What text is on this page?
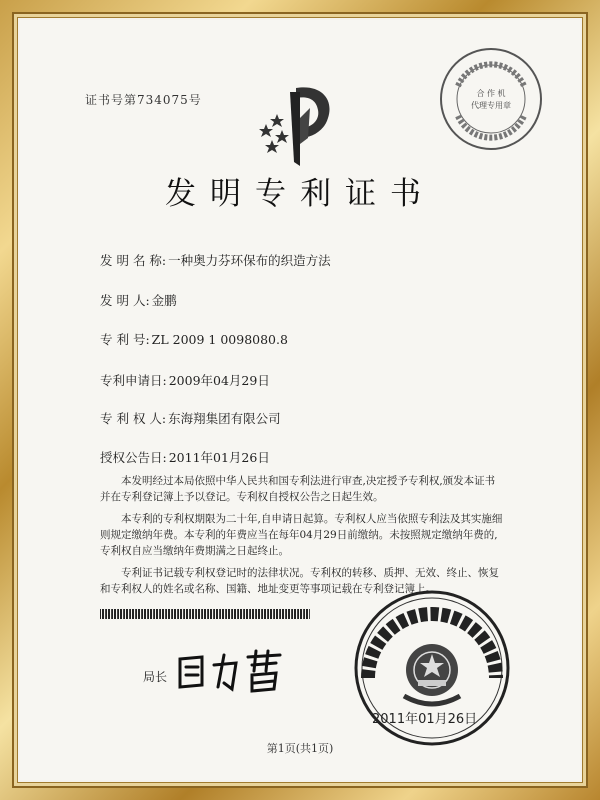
证书号第734075号	合 作 机
代理专用章
发明专利证书
发 明 名 称: 一种奥力芬环保布的织造方法
发 明 人: 金鹏
专 利 号: ZL 2009 1 0098080.8
专利申请日: 2009年04月29日
专 利 权 人: 东海翔集团有限公司
授权公告日: 2011年01月26日

本发明经过本局依照中华人民共和国专利法进行审查,决定授予专利权,颁发本证书并在专利登记簿上予以登记。专利权自授权公告之日起生效。

本专利的专利权期限为二十年,自申请日起算。专利权人应当依照专利法及其实施细则规定缴纳年费。本专利的年费应当在每年04月29日前缴纳。未按照规定缴纳年费的,专利权自应当缴纳年费期满之日起终止。

专利证书记载专利权登记时的法律状况。专利权的转移、质押、无效、终止、恢复和专利权人的姓名或名称、国籍、地址变更等事项记载在专利登记簿上。

局长
2011年01月26日
第1页(共1页)
